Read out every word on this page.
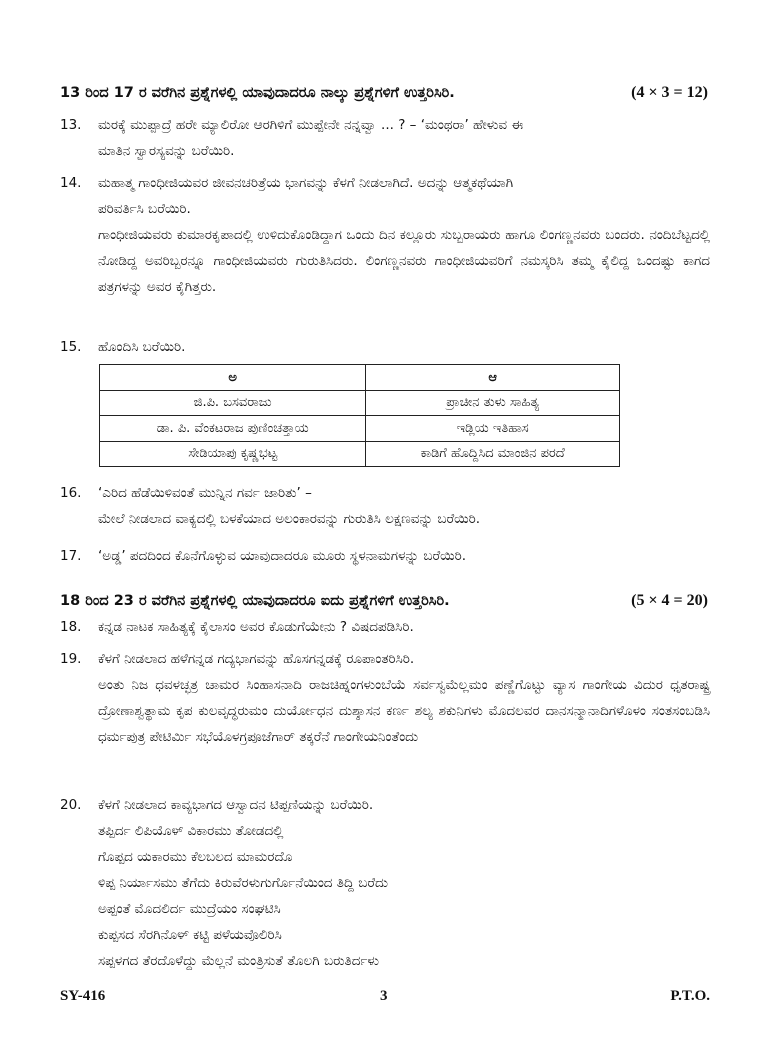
13 ರಿಂದ 17 ರ ವರೆಗಿನ ಪ್ರಶ್ನೆಗಳಲ್ಲಿ ಯಾವುದಾದರೂ ನಾಲ್ಕು ಪ್ರಶ್ನೆಗಳಿಗೆ ಉತ್ತರಿಸಿರಿ.	(4 × 3 = 12)
13.	ಮರಕ್ಕೆ ಮುಪ್ಪಾದ್ರೆ ಹರೇ ಮ್ಯಾಲಿರೋ ಆರಗಿಳಿಗೆ ಮುಪ್ಪೇನೇ ನನ್ನವ್ವಾ ... ? – ‘ಮಂಥರಾ’ ಹೇಳುವ ಈ
ಮಾತಿನ ಸ್ವಾರಸ್ಯವನ್ನು ಬರೆಯಿರಿ.
14.	ಮಹಾತ್ಮ ಗಾಂಧೀಜಿಯವರ ಜೀವನಚರಿತ್ರೆಯ ಭಾಗವನ್ನು ಕೆಳಗೆ ನೀಡಲಾಗಿದೆ. ಅದನ್ನು ಆತ್ಮಕಥೆಯಾಗಿ
ಪರಿವರ್ತಿಸಿ ಬರೆಯಿರಿ.
ಗಾಂಧೀಜಿಯವರು ಕುಮಾರಕೃಪಾದಲ್ಲಿ ಉಳಿದುಕೊಂಡಿದ್ದಾಗ ಒಂದು ದಿನ ಕಲ್ಲೂರು ಸುಬ್ಬರಾಯರು ಹಾಗೂ ಲಿಂಗಣ್ಣನವರು ಬಂದರು. ನಂದಿಬೆಟ್ಟದಲ್ಲಿ ನೋಡಿದ್ದ ಅವರಿಬ್ಬರನ್ನೂ ಗಾಂಧೀಜಿಯವರು ಗುರುತಿಸಿದರು. ಲಿಂಗಣ್ಣನವರು ಗಾಂಧೀಜಿಯವರಿಗೆ ನಮಸ್ಕರಿಸಿ ತಮ್ಮ ಕೈಲಿದ್ದ ಒಂದಷ್ಟು ಕಾಗದ ಪತ್ರಗಳನ್ನು ಅವರ ಕೈಗಿತ್ತರು.
15.	ಹೊಂದಿಸಿ ಬರೆಯಿರಿ.
ಅ	ಆ
ಜಿ.ಪಿ. ಬಸವರಾಜು	ಪ್ರಾಚೀನ ತುಳು ಸಾಹಿತ್ಯ
ಡಾ. ಪಿ. ವೆಂಕಟರಾಜ ಪುಣಿಂಚತ್ತಾಯ	ಇಡ್ಲಿಯ ಇತಿಹಾಸ
ಸೇಡಿಯಾಪು ಕೃಷ್ಣಭಟ್ಟ	ಕಾಡಿಗೆ ಹೊದ್ದಿಸಿದ ಮಾಂಜಿನ ಪರದೆ
16.	‘ಎರಿದ ಹೆಡೆಯಿಳಿವಂತೆ ಮುನ್ನಿನ ಗರ್ವ ಜಾರಿತು’ –
ಮೇಲೆ ನೀಡಲಾದ ವಾಕ್ಯದಲ್ಲಿ ಬಳಕೆಯಾದ ಅಲಂಕಾರವನ್ನು ಗುರುತಿಸಿ ಲಕ್ಷಣವನ್ನು ಬರೆಯಿರಿ.
17.	‘ಅಡ್ಡ’ ಪದದಿಂದ ಕೊನೆಗೊಳ್ಳುವ ಯಾವುದಾದರೂ ಮೂರು ಸ್ಥಳನಾಮಗಳನ್ನು ಬರೆಯಿರಿ.
18 ರಿಂದ 23 ರ ವರೆಗಿನ ಪ್ರಶ್ನೆಗಳಲ್ಲಿ ಯಾವುದಾದರೂ ಐದು ಪ್ರಶ್ನೆಗಳಿಗೆ ಉತ್ತರಿಸಿರಿ.	(5 × 4 = 20)
18.	ಕನ್ನಡ ನಾಟಕ ಸಾಹಿತ್ಯಕ್ಕೆ ಕೈಲಾಸಂ ಅವರ ಕೊಡುಗೆಯೇನು ? ವಿಷದಪಡಿಸಿರಿ.
19.	ಕೆಳಗೆ ನೀಡಲಾದ ಹಳೆಗನ್ನಡ ಗದ್ಯಭಾಗವನ್ನು ಹೊಸಗನ್ನಡಕ್ಕೆ ರೂಪಾಂತರಿಸಿರಿ.
ಅಂತು ನಿಜ ಧವಳಚ್ಛತ್ರ ಚಾಮರ ಸಿಂಹಾಸನಾದಿ ರಾಜಚಿಹ್ನಂಗಳುಂಬೆಯೆ ಸರ್ವಸ್ವಮೆಲ್ಲಮಂ ಪಣ್ಣೆಗೊಟ್ಟು ವ್ಯಾಸ ಗಾಂಗೇಯ ವಿದುರ ಧೃತರಾಷ್ಟ್ರ ದ್ರೋಣಾಶ್ವತ್ಥಾಮ ಕೃಪ ಕುಲವೃದ್ಧರುಮಂ ದುರ್ಯೋಧನ ದುಶ್ಶಾಸನ ಕರ್ಣ ಶಲ್ಯ ಶಕುನಿಗಳು ಮೊದಲವರ ದಾನಸನ್ಮಾನಾದಿಗಳೊಳಂ ಸಂತಸಂಬಡಿಸಿ ಧರ್ಮಪುತ್ರ ಪೇಟಿರ್ಮಿ ಸಭೆಯೊಳಗ್ರಪೂಜೆಗಾರ್ ತಕ್ಕರೆನೆ ಗಾಂಗೇಯನಿಂತೆಂದು
20.	ಕೆಳಗೆ ನೀಡಲಾದ ಕಾವ್ಯಭಾಗದ ಆಸ್ವಾದನ ಟಿಪ್ಪಣಿಯನ್ನು ಬರೆಯಿರಿ.
ತಪ್ಪಿರ್ದ ಲಿಪಿಯೊಳ್ ವಿಕಾರಮು ತೋಡದಲ್ಲಿ
ಗೊಪ್ಪದ ಯಕಾರಮು ಕೆಲಬಲದ ಮಾಮರದೊ
ಳಿಪ್ಪ ನಿರ್ಯಾಸಮು ತೆಗೆದು ಕಿರುವೆರಳುಗುರ್ಗೊನೆಯಿಂದ ತಿದ್ದಿ ಬರೆದು
ಅಪ್ಪಂತೆ ಮೊದಲಿರ್ದ ಮುದ್ರೆಯಂ ಸಂಘಟಿಸಿ
ಕುಪ್ಪಸದ ಸೆರಗಿನೊಳ್ ಕಟ್ಟಿ ಪಳೆಯವೊಲಿರಿಸಿ
ಸಪ್ಪಳಗದ ತೆರದೊಳೆದ್ದು ಮೆಲ್ಲನೆ ಮಂತ್ರಿಸುತೆ ತೊಲಗಿ ಬರುತಿರ್ದಳು
SY-416	3	P.T.O.
